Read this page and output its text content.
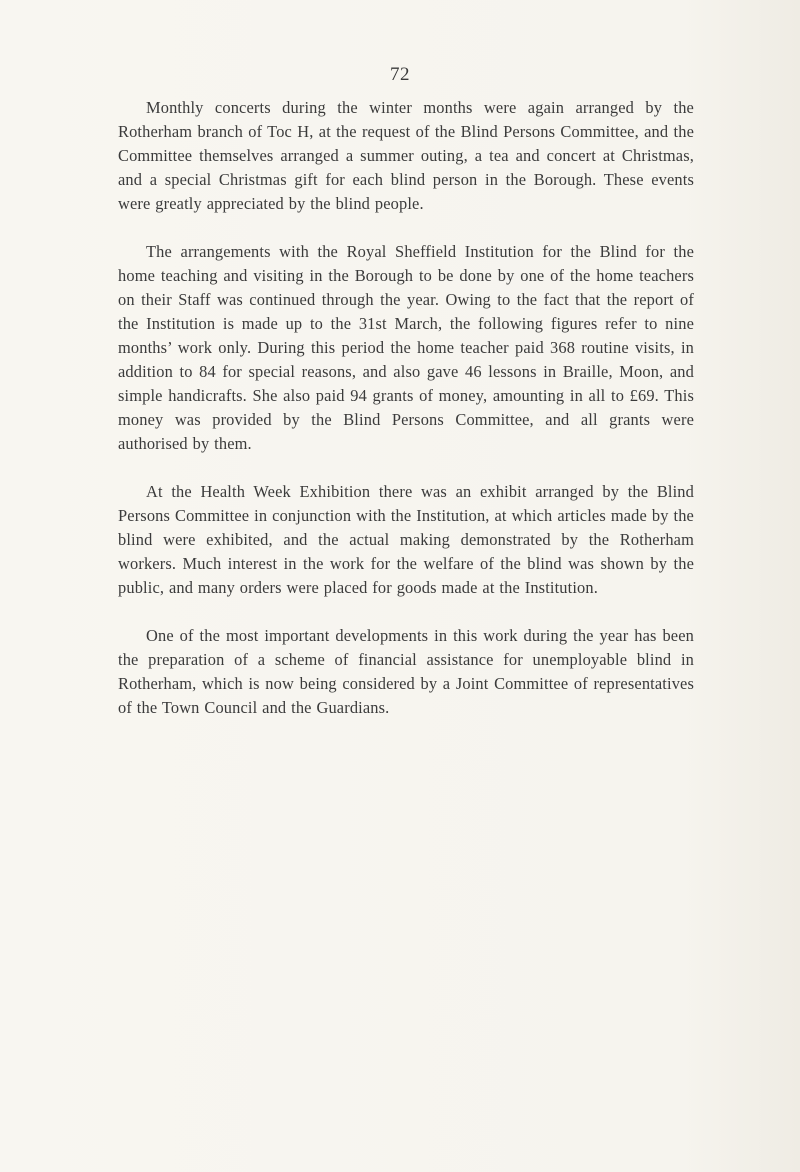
72

Monthly concerts during the winter months were again arranged by the Rotherham branch of Toc H, at the request of the Blind Persons Committee, and the Committee themselves arranged a summer outing, a tea and concert at Christmas, and a special Christmas gift for each blind person in the Borough. These events were greatly appreciated by the blind people.

The arrangements with the Royal Sheffield Institution for the Blind for the home teaching and visiting in the Borough to be done by one of the home teachers on their Staff was continued through the year. Owing to the fact that the report of the Institution is made up to the 31st March, the following figures refer to nine months’ work only. During this period the home teacher paid 368 routine visits, in addition to 84 for special reasons, and also gave 46 lessons in Braille, Moon, and simple handicrafts. She also paid 94 grants of money, amounting in all to £69. This money was provided by the Blind Persons Committee, and all grants were authorised by them.

At the Health Week Exhibition there was an exhibit arranged by the Blind Persons Committee in conjunction with the Institution, at which articles made by the blind were exhibited, and the actual making demonstrated by the Rotherham workers. Much interest in the work for the welfare of the blind was shown by the public, and many orders were placed for goods made at the Institution.

One of the most important developments in this work during the year has been the preparation of a scheme of financial assistance for unemployable blind in Rotherham, which is now being considered by a Joint Committee of representatives of the Town Council and the Guardians.
